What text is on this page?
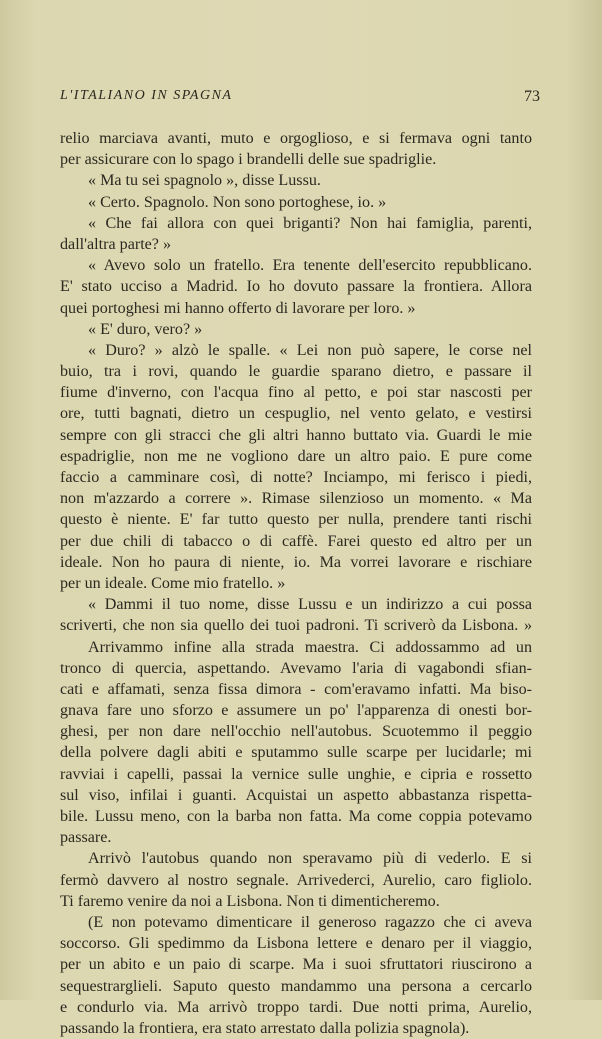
L'ITALIANO IN SPAGNA	73
relio marciava avanti, muto e orgoglioso, e si fermava ogni tanto
per assicurare con lo spago i brandelli delle sue spadriglie.
« Ma tu sei spagnolo », disse Lussu.
« Certo. Spagnolo. Non sono portoghese, io. »
« Che fai allora con quei briganti? Non hai famiglia, parenti,
dall'altra parte? »
« Avevo solo un fratello. Era tenente dell'esercito repubblicano.
E' stato ucciso a Madrid. Io ho dovuto passare la frontiera. Allora
quei portoghesi mi hanno offerto di lavorare per loro. »
« E' duro, vero? »
« Duro? » alzò le spalle. « Lei non può sapere, le corse nel
buio, tra i rovi, quando le guardie sparano dietro, e passare il
fiume d'inverno, con l'acqua fino al petto, e poi star nascosti per
ore, tutti bagnati, dietro un cespuglio, nel vento gelato, e vestirsi
sempre con gli stracci che gli altri hanno buttato via. Guardi le mie
espadriglie, non me ne vogliono dare un altro paio. E pure come
faccio a camminare così, di notte? Inciampo, mi ferisco i piedi,
non m'azzardo a correre ». Rimase silenzioso un momento. « Ma
questo è niente. E' far tutto questo per nulla, prendere tanti rischi
per due chili di tabacco o di caffè. Farei questo ed altro per un
ideale. Non ho paura di niente, io. Ma vorrei lavorare e rischiare
per un ideale. Come mio fratello. »
« Dammi il tuo nome, disse Lussu e un indirizzo a cui possa
scriverti, che non sia quello dei tuoi padroni. Ti scriverò da Lisbona. »
Arrivammo infine alla strada maestra. Ci addossammo ad un
tronco di quercia, aspettando. Avevamo l'aria di vagabondi sfian-
cati e affamati, senza fissa dimora - com'eravamo infatti. Ma biso-
gnava fare uno sforzo e assumere un po' l'apparenza di onesti bor-
ghesi, per non dare nell'occhio nell'autobus. Scuotemmo il peggio
della polvere dagli abiti e sputammo sulle scarpe per lucidarle; mi
ravviai i capelli, passai la vernice sulle unghie, e cipria e rossetto
sul viso, infilai i guanti. Acquistai un aspetto abbastanza rispetta-
bile. Lussu meno, con la barba non fatta. Ma come coppia potevamo
passare.
Arrivò l'autobus quando non speravamo più di vederlo. E si
fermò davvero al nostro segnale. Arrivederci, Aurelio, caro figliolo.
Ti faremo venire da noi a Lisbona. Non ti dimenticheremo.
(E non potevamo dimenticare il generoso ragazzo che ci aveva
soccorso. Gli spedimmo da Lisbona lettere e denaro per il viaggio,
per un abito e un paio di scarpe. Ma i suoi sfruttatori riuscirono a
sequestrarglieli. Saputo questo mandammo una persona a cercarlo
e condurlo via. Ma arrivò troppo tardi. Due notti prima, Aurelio,
passando la frontiera, era stato arrestato dalla polizia spagnola).
